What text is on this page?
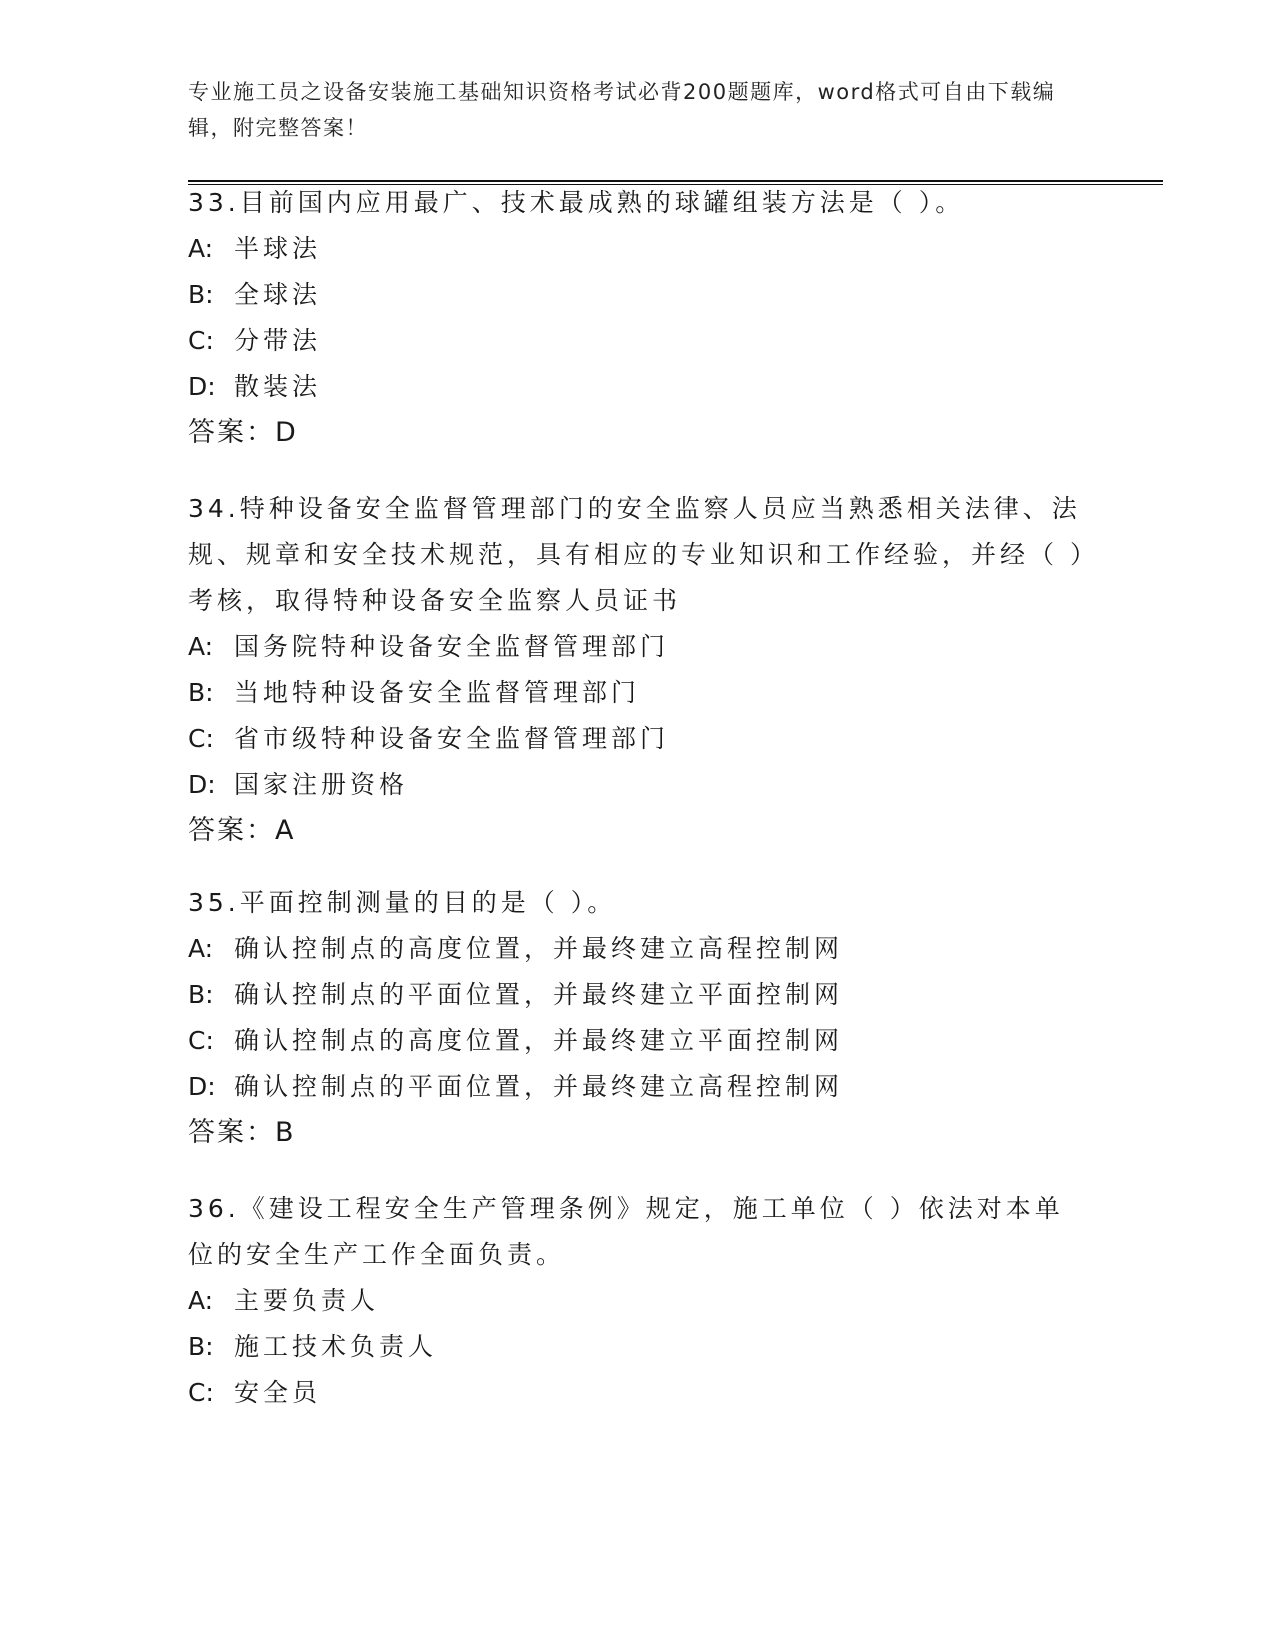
专业施工员之设备安装施工基础知识资格考试必背200题题库，word格式可自由下载编辑，附完整答案！

33.目前国内应用最广、技术最成熟的球罐组装方法是（ ）。

A: 半球法

B: 全球法

C: 分带法

D: 散装法

答案：D

34.特种设备安全监督管理部门的安全监察人员应当熟悉相关法律、法规、规章和安全技术规范，具有相应的专业知识和工作经验，并经（ ）考核，取得特种设备安全监察人员证书

A: 国务院特种设备安全监督管理部门

B: 当地特种设备安全监督管理部门

C: 省市级特种设备安全监督管理部门

D: 国家注册资格

答案：A

35.平面控制测量的目的是（ ）。

A: 确认控制点的高度位置，并最终建立高程控制网

B: 确认控制点的平面位置，并最终建立平面控制网

C: 确认控制点的高度位置，并最终建立平面控制网

D: 确认控制点的平面位置，并最终建立高程控制网

答案：B

36.《建设工程安全生产管理条例》规定，施工单位（ ）依法对本单位的安全生产工作全面负责。

A: 主要负责人

B: 施工技术负责人

C: 安全员
